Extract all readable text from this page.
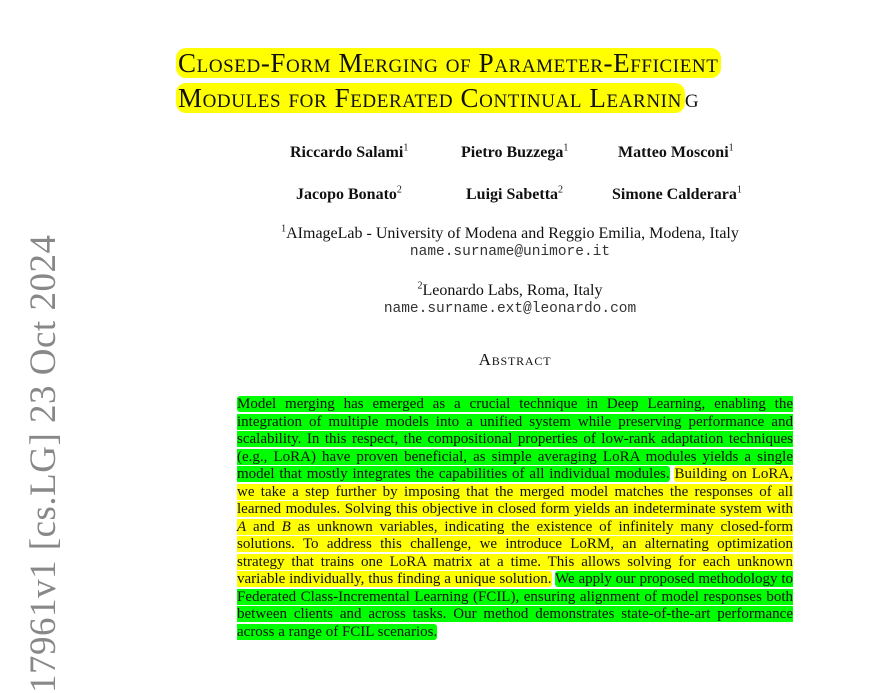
17961v1 [cs.LG] 23 Oct 2024
Closed-Form Merging of Parameter-Efficient
Modules for Federated Continual Learnin g
Riccardo Salami$^1$	Pietro Buzzega$^1$	Matteo Mosconi$^1$
Jacopo Bonato$^2$	Luigi Sabetta$^2$	Simone Calderara$^1$
$^1$AImageLab - University of Modena and Reggio Emilia, Modena, Italy
name.surname@unimore.it
$^2$Leonardo Labs, Roma, Italy
name.surname.ext@leonardo.com
Abstract
Model merging has emerged as a crucial technique in Deep Learning, enabling the integration of multiple models into a unified system while preserving performance and scalability. In this respect, the compositional properties of low-rank adaptation techniques (e.g., LoRA) have proven beneficial, as simple averaging LoRA modules yields a single model that mostly integrates the capabilities of all individual modules. Building on LoRA, we take a step further by imposing that the merged model matches the responses of all learned modules. Solving this objective in closed form yields an indeterminate system with A and B as unknown variables, indicating the existence of infinitely many closed-form solutions. To address this challenge, we introduce LoRM, an alternating optimization strategy that trains one LoRA matrix at a time. This allows solving for each unknown variable individually, thus finding a unique solution. We apply our proposed methodology to Federated Class-Incremental Learning (FCIL), ensuring alignment of model responses both between clients and across tasks. Our method demonstrates state-of-the-art performance across a range of FCIL scenarios.
